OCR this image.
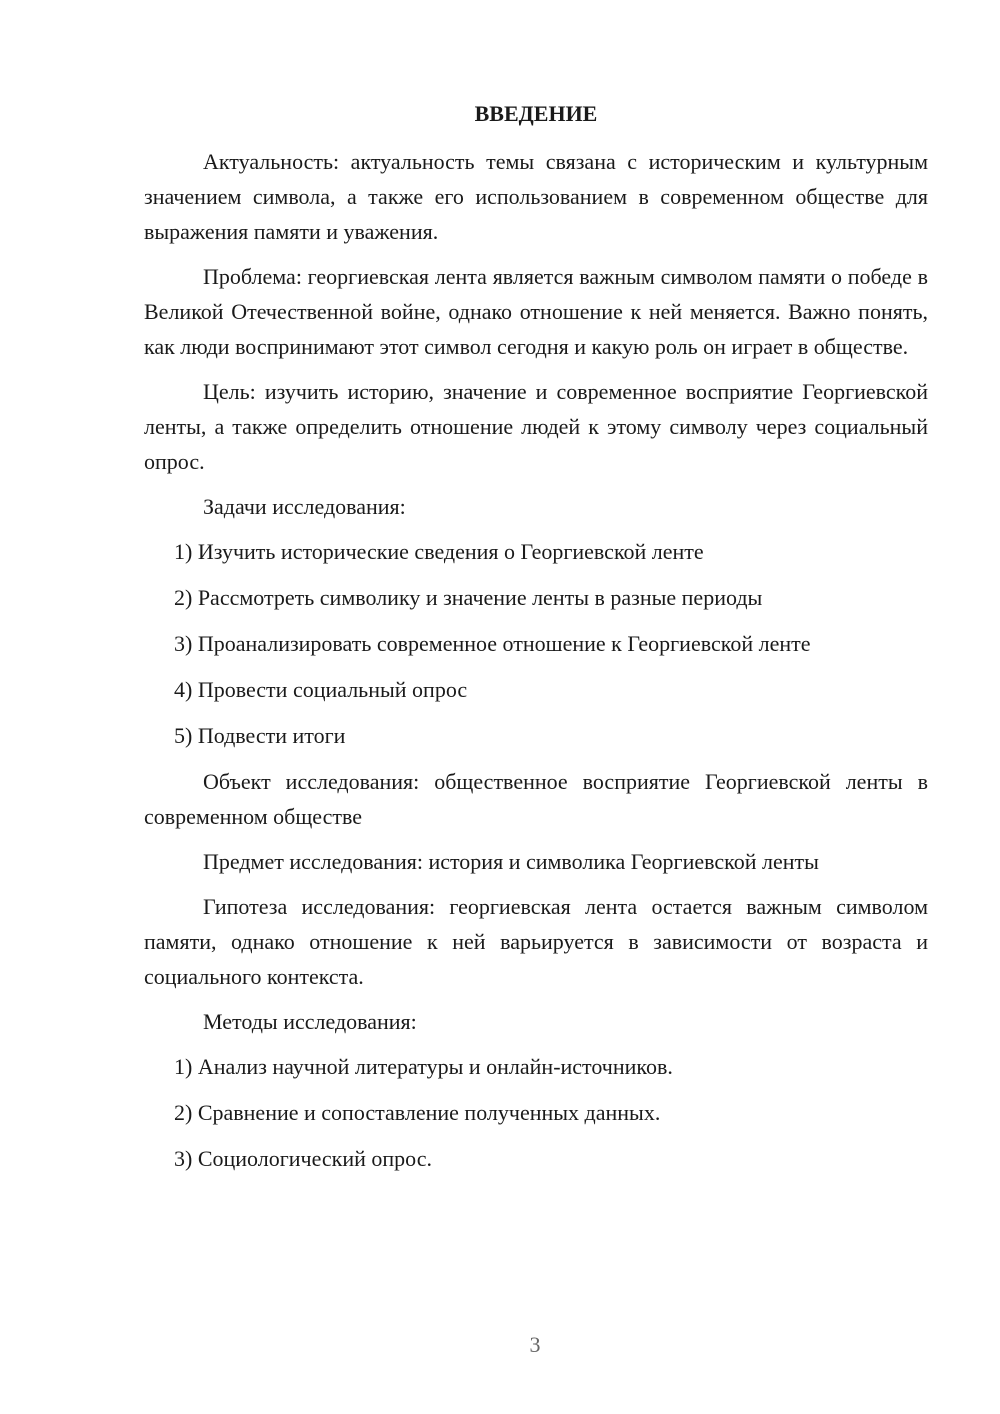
ВВЕДЕНИЕ

Актуальность: актуальность темы связана с историческим и культурным значением символа, а также его использованием в современном обществе для выражения памяти и уважения.

Проблема: георгиевская лента является важным символом памяти о победе в Великой Отечественной войне, однако отношение к ней меняется. Важно понять, как люди воспринимают этот символ сегодня и какую роль он играет в обществе.

Цель: изучить историю, значение и современное восприятие Георгиевской ленты, а также определить отношение людей к этому символу через социальный опрос.

Задачи исследования:

1) Изучить исторические сведения о Георгиевской ленте
2) Рассмотреть символику и значение ленты в разные периоды
3) Проанализировать современное отношение к Георгиевской ленте
4) Провести социальный опрос
5) Подвести итоги

Объект исследования: общественное восприятие Георгиевской ленты в современном обществе

Предмет исследования: история и символика Георгиевской ленты

Гипотеза исследования: георгиевская лента остается важным символом памяти, однако отношение к ней варьируется в зависимости от возраста и социального контекста.

Методы исследования:

1) Анализ научной литературы и онлайн-источников.
2) Сравнение и сопоставление полученных данных.
3) Социологический опрос.
3
